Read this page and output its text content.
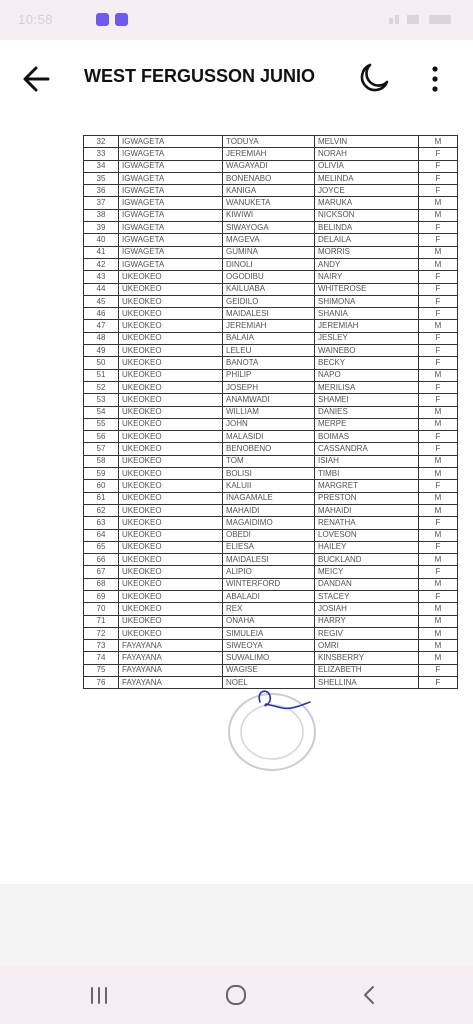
10:58
WEST FERGUSSON JUNIO
32	IGWAGETA	TODUYA	MELVIN	M
33	IGWAGETA	JEREMIAH	NORAH	F
34	IGWAGETA	WAGAYADI	OLIVIA	F
35	IGWAGETA	BONENABO	MELINDA	F
36	IGWAGETA	KANIGA	JOYCE	F
37	IGWAGETA	WANUKETA	MARUKA	M
38	IGWAGETA	KIWIWI	NICKSON	M
39	IGWAGETA	SIWAYOGA	BELINDA	F
40	IGWAGETA	MAGEVA	DELAILA	F
41	IGWAGETA	GUMINA	MORRIS	M
42	IGWAGETA	DINOLI	ANDY	M
43	UKEOKEO	OGODIBU	NAIRY	F
44	UKEOKEO	KAILUABA	WHITEROSE	F
45	UKEOKEO	GEIDILO	SHIMONA	F
46	UKEOKEO	MAIDALESI	SHANIA	F
47	UKEOKEO	JEREMIAH	JEREMIAH	M
48	UKEOKEO	BALAIA	JESLEY	F
49	UKEOKEO	LELEU	WAINEBO	F
50	UKEOKEO	BANOTA	BECKY	F
51	UKEOKEO	PHILIP	NAPO	M
52	UKEOKEO	JOSEPH	MERILISA	F
53	UKEOKEO	ANAMWADI	SHAMEI	F
54	UKEOKEO	WILLIAM	DANIES	M
55	UKEOKEO	JOHN	MERPE	M
56	UKEOKEO	MALASIDI	BOIMAS	F
57	UKEOKEO	BENOBENO	CASSANDRA	F
58	UKEOKEO	TOM	ISIAH	M
59	UKEOKEO	BOLISI	TIMBI	M
60	UKEOKEO	KALUII	MARGRET	F
61	UKEOKEO	INAGAMALE	PRESTON	M
62	UKEOKEO	MAHAIDI	MAHAIDI	M
63	UKEOKEO	MAGAIDIMO	RENATHA	F
64	UKEOKEO	OBEDI	LOVESON	M
65	UKEOKEO	ELIESA	HAILEY	F
66	UKEOKEO	MAIDALESI	BUCKLAND	M
67	UKEOKEO	ALIPIO	MEICY	F
68	UKEOKEO	WINTERFORD	DANDAN	M
69	UKEOKEO	ABALADI	STACEY	F
70	UKEOKEO	REX	JOSIAH	M
71	UKEOKEO	ONAHA	HARRY	M
72	UKEOKEO	SIMULEIA	REGIV	M
73	FAYAYANA	SIWEOYA	OMRI	M
74	FAYAYANA	SUWALIMO	KINSBERRY	M
75	FAYAYANA	WAGISE	ELIZABETH	F
76	FAYAYANA	NOEL	SHELLINA	F
